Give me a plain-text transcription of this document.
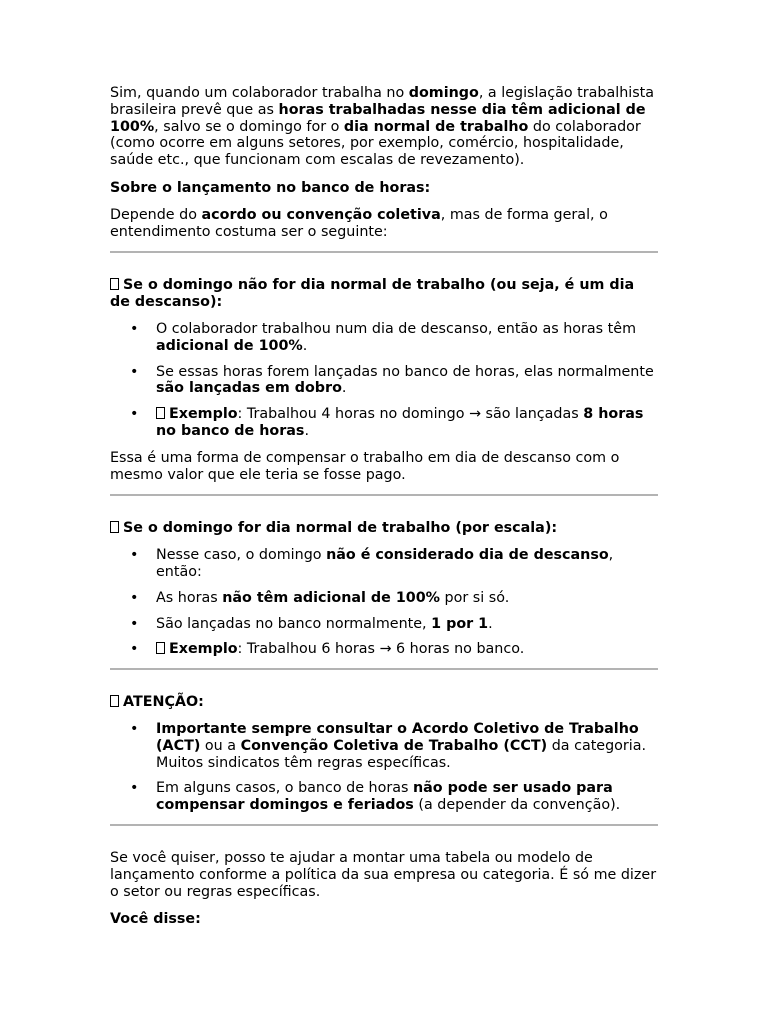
Sim, quando um colaborador trabalha no domingo, a legislação trabalhista brasileira prevê que as horas trabalhadas nesse dia têm adicional de 100%, salvo se o domingo for o dia normal de trabalho do colaborador (como ocorre em alguns setores, por exemplo, comércio, hospitalidade, saúde etc., que funcionam com escalas de revezamento).

Sobre o lançamento no banco de horas:

Depende do acordo ou convenção coletiva, mas de forma geral, o entendimento costuma ser o seguinte:

Se o domingo não for dia normal de trabalho (ou seja, é um dia de descanso):

• O colaborador trabalhou num dia de descanso, então as horas têm adicional de 100%.
• Se essas horas forem lançadas no banco de horas, elas normalmente são lançadas em dobro.
• Exemplo: Trabalhou 4 horas no domingo → são lançadas 8 horas no banco de horas.

Essa é uma forma de compensar o trabalho em dia de descanso com o mesmo valor que ele teria se fosse pago.

Se o domingo for dia normal de trabalho (por escala):

• Nesse caso, o domingo não é considerado dia de descanso, então:
• As horas não têm adicional de 100% por si só.
• São lançadas no banco normalmente, 1 por 1.
• Exemplo: Trabalhou 6 horas → 6 horas no banco.

ATENÇÃO:

• Importante sempre consultar o Acordo Coletivo de Trabalho (ACT) ou a Convenção Coletiva de Trabalho (CCT) da categoria. Muitos sindicatos têm regras específicas.
• Em alguns casos, o banco de horas não pode ser usado para compensar domingos e feriados (a depender da convenção).

Se você quiser, posso te ajudar a montar uma tabela ou modelo de lançamento conforme a política da sua empresa ou categoria. É só me dizer o setor ou regras específicas.

Você disse:
